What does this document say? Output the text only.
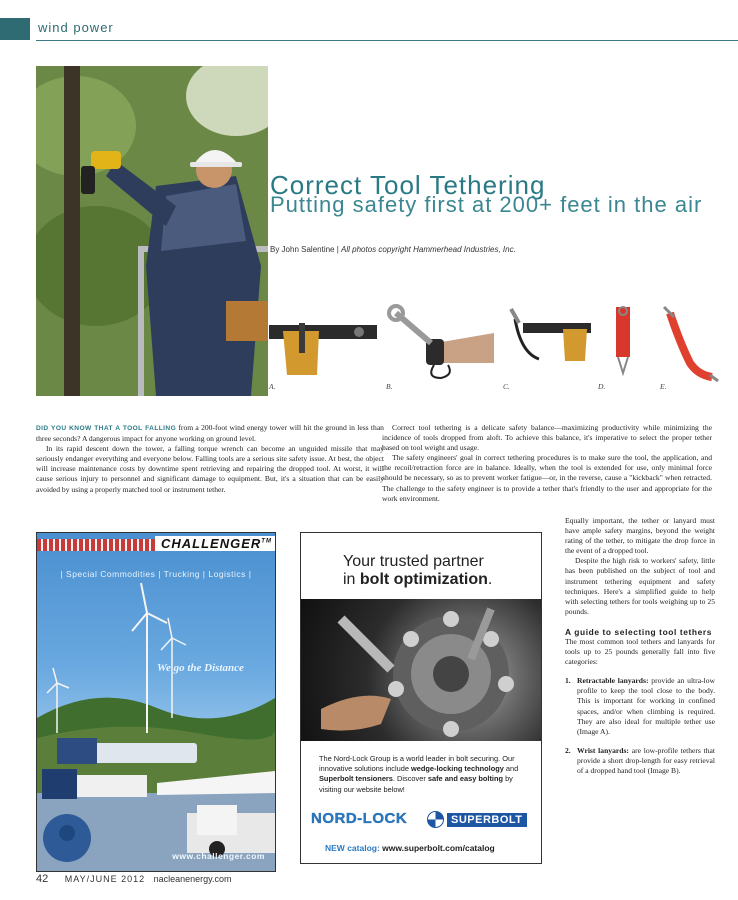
wind power
Correct Tool Tethering
Putting safety first at 200+ feet in the air
By John Salentine | All photos copyright Hammerhead Industries, Inc.
A.	B.	C.	D.	E.

DID YOU KNOW THAT A TOOL FALLING from a 200-foot wind energy tower will hit the ground in less than three seconds? A dangerous impact for anyone working on ground level.

In its rapid descent down the tower, a falling torque wrench can become an unguided missile that may seriously endanger everything and everyone below. Falling tools are a serious site safety issue. At best, the object will increase maintenance costs by downtime spent retrieving and repairing the dropped tool. At worst, it will cause serious injury to personnel and significant damage to equipment. But, it's a situation that can be easily avoided by using a properly matched tool or instrument tether.

Correct tool tethering is a delicate safety balance—maximizing productivity while minimizing the incidence of tools dropped from aloft. To achieve this balance, it's imperative to select the proper tether based on tool weight and usage.

The safety engineers' goal in correct tethering procedures is to make sure the tool, the application, and the recoil/retraction force are in balance. Ideally, when the tool is extended for use, only minimal force should be necessary, so as to prevent worker fatigue—or, in the reverse, cause a "kickback" when retracted. The challenge to the safety engineer is to provide a tether that's friendly to the user and appropriate for the work environment.

Equally important, the tether or lanyard must have ample safety margins, beyond the weight rating of the tether, to mitigate the drop force in the event of a dropped tool.

Despite the high risk to workers' safety, little has been published on the subject of tool and instrument tethering equipment and safety techniques. Here's a simplified guide to help with selecting tethers for tools weighing up to 25 pounds.

A guide to selecting tool tethers

The most common tool tethers and lanyards for tools up to 25 pounds generally fall into five categories:

1. Retractable lanyards: provide an ultra-low profile to keep the tool close to the body. This is important for working in confined spaces, and/or when climbing is required. They are also ideal for multiple tether use (Image A).
2. Wrist lanyards: are low-profile tethers that provide a short drop-length for easy retrieval of a dropped hand tool (Image B).
CHALLENGER™
| Special Commodities | Trucking | Logistics |
We go the Distance
www.challenger.com
Your trusted partner
in bolt optimization.
The Nord-Lock Group is a world leader in bolt securing. Our innovative solutions include wedge-locking technology and Superbolt tensioners. Discover safe and easy bolting by visiting our website below!
NORD-LOCK	SUPERBOLT
NEW catalog: www.superbolt.com/catalog
42 MAY/JUNE 2012 nacleanenergy.com
